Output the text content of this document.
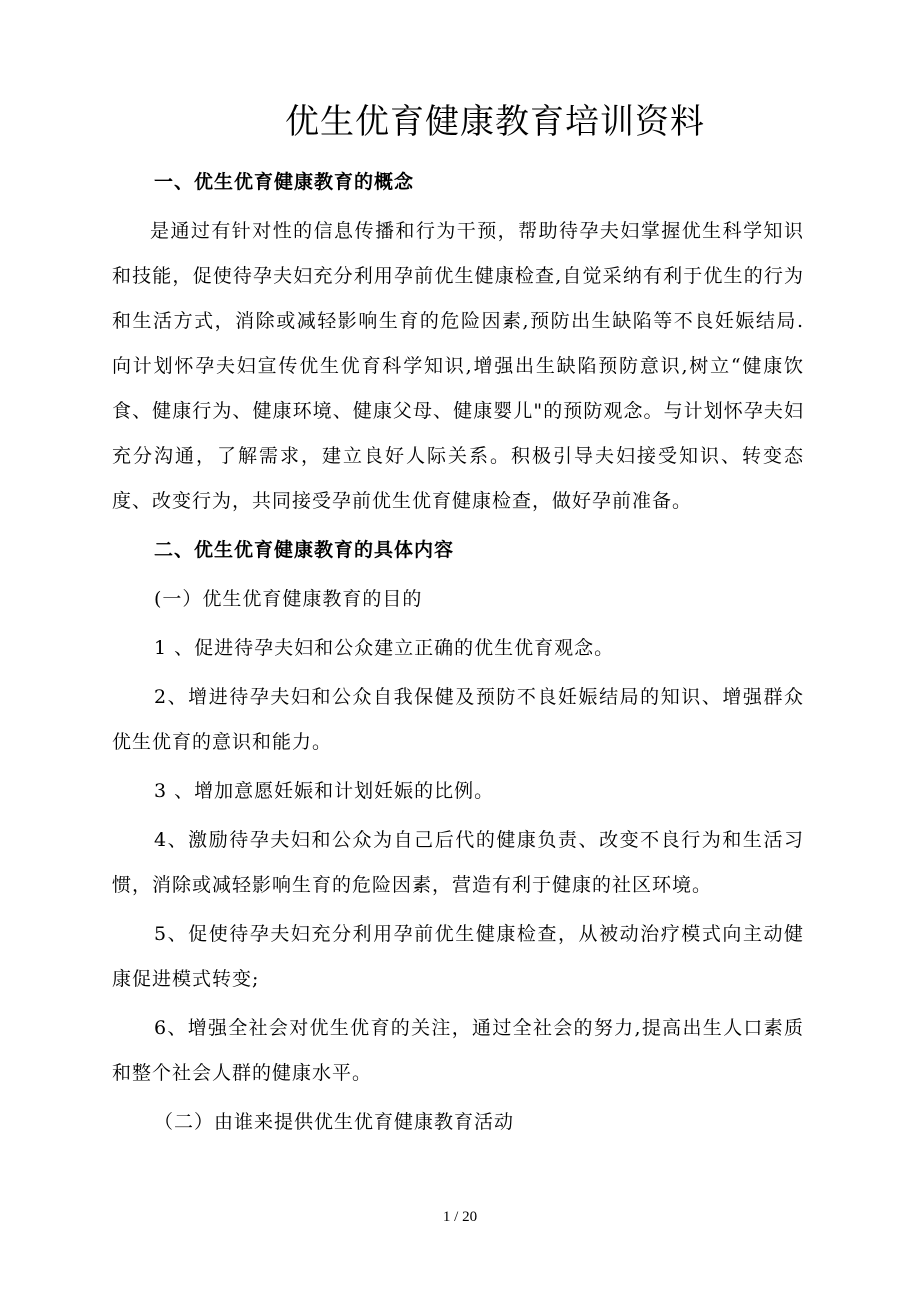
优生优育健康教育培训资料
一、优生优育健康教育的概念

是通过有针对性的信息传播和行为干预，帮助待孕夫妇掌握优生科学知识和技能，促使待孕夫妇充分利用孕前优生健康检查,自觉采纳有利于优生的行为和生活方式，消除或减轻影响生育的危险因素,预防出生缺陷等不良妊娠结局.向计划怀孕夫妇宣传优生优育科学知识,增强出生缺陷预防意识,树立“健康饮食、健康行为、健康环境、健康父母、健康婴儿"的预防观念。与计划怀孕夫妇充分沟通，了解需求，建立良好人际关系。积极引导夫妇接受知识、转变态度、改变行为，共同接受孕前优生优育健康检查，做好孕前准备。

二、优生优育健康教育的具体内容
(一）优生优育健康教育的目的

1 、促进待孕夫妇和公众建立正确的优生优育观念。

2、增进待孕夫妇和公众自我保健及预防不良妊娠结局的知识、增强群众优生优育的意识和能力。

3 、增加意愿妊娠和计划妊娠的比例。

4、激励待孕夫妇和公众为自己后代的健康负责、改变不良行为和生活习惯，消除或减轻影响生育的危险因素，营造有利于健康的社区环境。

5、促使待孕夫妇充分利用孕前优生健康检查，从被动治疗模式向主动健康促进模式转变;

6、增强全社会对优生优育的关注，通过全社会的努力,提高出生人口素质和整个社会人群的健康水平。

（二）由谁来提供优生优育健康教育活动
1 / 20
